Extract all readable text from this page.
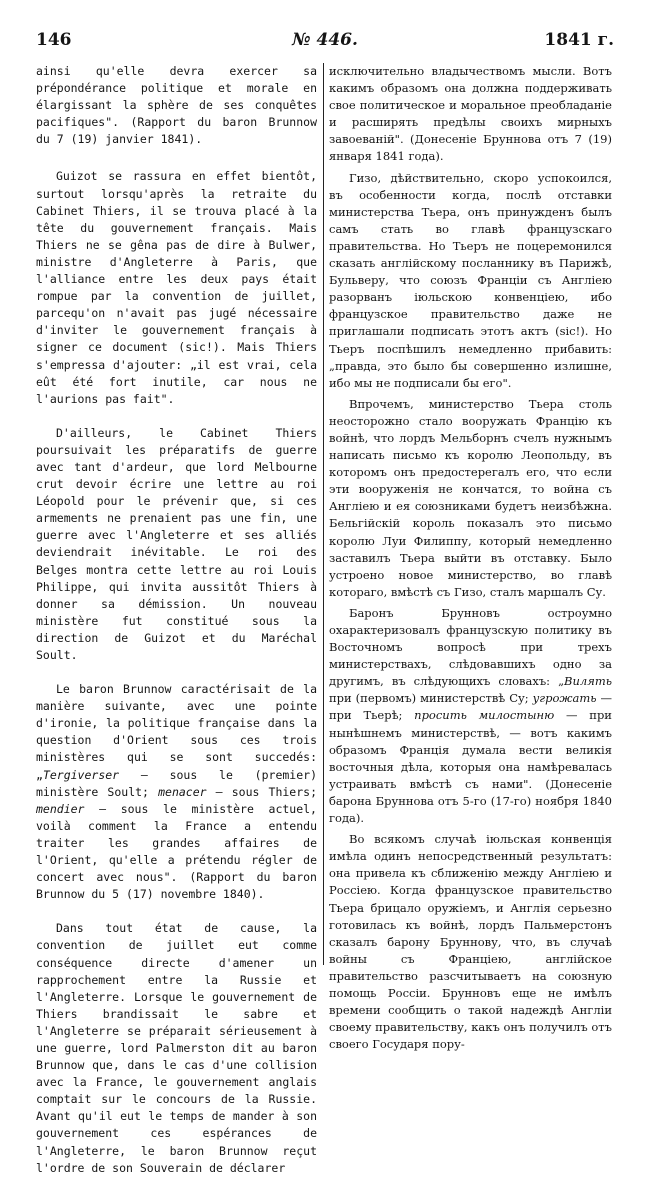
146	№ 446.	1841 г.

ainsi qu'elle devra exercer sa prépondérance politique et morale en élargissant la sphère de ses conquêtes pacifiques". (Rapport du baron Brunnow du 7 (19) janvier 1841).

Guizot se rassura en effet bientôt, surtout lorsqu'après la retraite du Cabinet Thiers, il se trouva placé à la tête du gouvernement français. Mais Thiers ne se gêna pas de dire à Bulwer, ministre d'Angleterre à Paris, que l'alliance entre les deux pays était rompue par la convention de juillet, parcequ'on n'avait pas jugé nécessaire d'inviter le gouvernement français à signer ce document (sic!). Mais Thiers s'empressa d'ajouter: „il est vrai, cela eût été fort inutile, car nous ne l'aurions pas fait".

D'ailleurs, le Cabinet Thiers poursuivait les préparatifs de guerre avec tant d'ardeur, que lord Melbourne crut devoir écrire une lettre au roi Léopold pour le prévenir que, si ces armements ne prenaient pas une fin, une guerre avec l'Angleterre et ses alliés deviendrait inévitable. Le roi des Belges montra cette lettre au roi Louis Philippe, qui invita aussitôt Thiers à donner sa démission. Un nouveau ministère fut constitué sous la direction de Guizot et du Maréchal Soult.

Le baron Brunnow caractérisait de la manière suivante, avec une pointe d'ironie, la politique française dans la question d'Orient sous ces trois ministères qui se sont succedés: „Tergiverser — sous le (premier) ministère Soult; menacer — sous Thiers; mendier — sous le ministère actuel, voilà comment la France a entendu traiter les grandes affaires de l'Orient, qu'elle a prétendu régler de concert avec nous". (Rapport du baron Brunnow du 5 (17) novembre 1840).

Dans tout état de cause, la convention de juillet eut comme conséquence directe d'amener un rapprochement entre la Russie et l'Angleterre. Lorsque le gouvernement de Thiers brandissait le sabre et l'Angleterre se préparait sérieusement à une guerre, lord Palmerston dit au baron Brunnow que, dans le cas d'une collision avec la France, le gouvernement anglais comptait sur le concours de la Russie. Avant qu'il eut le temps de mander à son gouvernement ces espérances de l'Angleterre, le baron Brunnow reçut l'ordre de son Souverain de déclarer

исключительно владычествомъ мысли. Вотъ какимъ образомъ она должна поддерживать свое политическое и моральное преобладаніе и расширять предѣлы своихъ мирныхъ завоеваній". (Донесеніе Бруннова отъ 7 (19) января 1841 года).

Гизо, дѣйствительно, скоро успокоился, въ особенности когда, послѣ отставки министерства Тьера, онъ принужденъ былъ самъ стать во главѣ французскаго правительства. Но Тьеръ не поцеремонился сказать англійскому посланнику въ Парижѣ, Бульверу, что союзъ Франціи съ Англіею разорванъ іюльскою конвенціею, ибо французское правительство даже не приглашали подписать этотъ актъ (sic!). Но Тьеръ поспѣшилъ немедленно прибавить: „правда, это было бы совершенно излишне, ибо мы не подписали бы его".

Впрочемъ, министерство Тьера столь неосторожно стало вооружать Францію къ войнѣ, что лордъ Мельборнъ счелъ нужнымъ написать письмо къ королю Леопольду, въ которомъ онъ предостерегалъ его, что если эти вооруженія не кончатся, то война съ Англіею и ея союзниками будетъ неизбѣжна. Бельгійскій король показалъ это письмо королю Луи Филиппу, который немедленно заставилъ Тьера выйти въ отставку. Было устроено новое министерство, во главѣ котораго, вмѣстѣ съ Гизо, сталъ маршалъ Су.

Баронъ Брунновъ остроумно охарактеризовалъ французскую политику въ Восточномъ вопросѣ при трехъ министерствахъ, слѣдовавшихъ одно за другимъ, въ слѣдующихъ словахъ: „Вилять при (первомъ) министерствѣ Су; угрожать — при Тьерѣ; просить милостыню — при нынѣшнемъ министерствѣ, — вотъ какимъ образомъ Франція думала вести великія восточныя дѣла, которыя она намѣревалась устраивать вмѣстѣ съ нами". (Донесеніе барона Бруннова отъ 5-го (17-го) ноября 1840 года).

Во всякомъ случаѣ іюльская конвенція имѣла одинъ непосредственный результатъ: она привела къ сближенію между Англіею и Россіею. Когда французское правительство Тьера брицало оружіемъ, и Англія серьезно готовилась къ войнѣ, лордъ Пальмерстонъ сказалъ барону Бруннову, что, въ случаѣ войны съ Франціею, англійское правительство разсчитываетъ на союзную помощь Россіи. Брунновъ еще не имѣлъ времени сообщить о такой надеждѣ Англіи своему правительству, какъ онъ получилъ отъ своего Государя пору-
